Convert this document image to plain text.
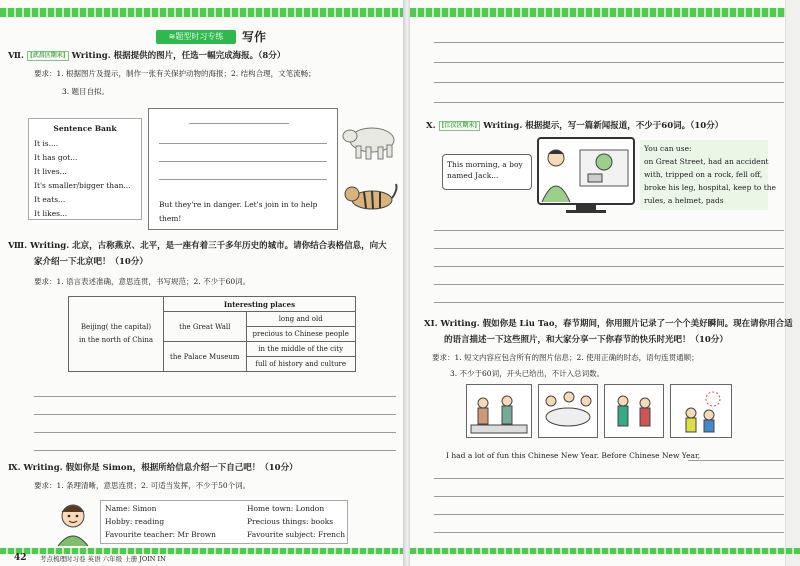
≋题型时习专练	写作
Ⅶ. [武昌区期末] Writing. 根据提供的图片，任选一幅完成海报。（8分）
要求：1. 根据图片及提示，制作一张有关保护动物的海报；2. 结构合理，文笔流畅；
3. 题目自拟。
Sentence Bank
It is....
It has got...
It lives...
It's smaller/bigger than...
It eats...
It likes...
But they're in danger. Let's join in to help
them!
Ⅷ. Writing. 北京，古称燕京、北平，是一座有着三千多年历史的城市。请你结合表格信息，向大
家介绍一下北京吧！（10分）
要求：1. 语言表述准确，意思连贯，书写规范；2. 不少于60词。
Beijing( the capital)
in the north of China	Interesting places	
	the Great Wall	long and old
		precious to Chinese people
	the Palace Museum	in the middle of the city
		full of history and culture
Ⅸ. Writing. 假如你是 Simon，根据所给信息介绍一下自己吧！（10分）
要求：1. 条理清晰，意思连贯；2. 可适当发挥，不少于50个词。
Name: Simon	Home town: London
Hobby: reading	Precious things: books
Favourite teacher: Mr Brown	Favourite subject: French
42 考点梳理时习卷 英语 六年级 上册 JOIN IN
X. [江汉区期末] Writing. 根据提示，写一篇新闻报道，不少于60词。（10分）
This morning, a boy named Jack...
You can use:
on Great Street, had an accident
with, tripped on a rock, fell off,
broke his leg, hospital, keep to the
rules, a helmet, pads
XI. Writing. 假如你是 Liu Tao，春节期间，你用照片记录了一个个美好瞬间。现在请你用合适
的语言描述一下这些照片，和大家分享一下你春节的快乐时光吧！（10分）
要求：1. 短文内容应包含所有的图片信息；2. 使用正确的时态，语句连贯通顺；
3. 不少于60词，开头已给出，不计入总词数。
I had a lot of fun this Chinese New Year. Before Chinese New Year,
